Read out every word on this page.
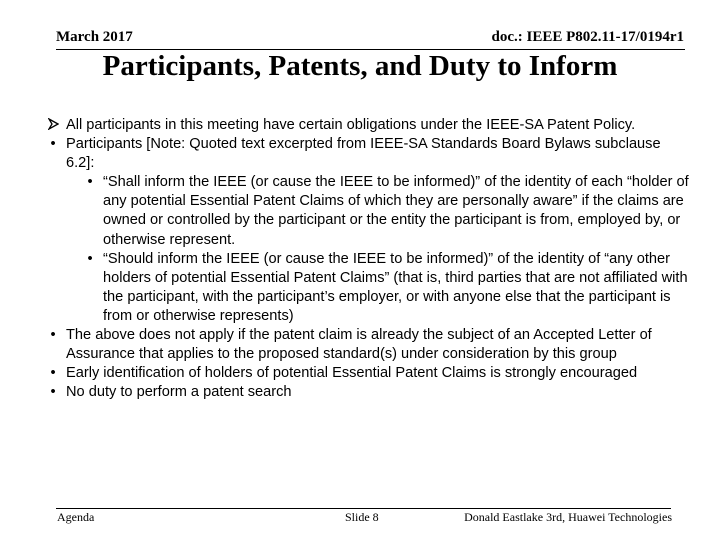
March 2017	doc.: IEEE P802.11-17/0194r1
Participants, Patents, and Duty to Inform
All participants in this meeting have certain obligations under the IEEE-SA Patent Policy.
• Participants [Note: Quoted text excerpted from IEEE-SA Standards Board Bylaws subclause 6.2]:
• “Shall inform the IEEE (or cause the IEEE to be informed)” of the identity of each “holder of any potential Essential Patent Claims of which they are personally aware” if the claims are owned or controlled by the participant or the entity the participant is from, employed by, or otherwise represent.
• “Should inform the IEEE (or cause the IEEE to be informed)” of the identity of “any other holders of potential Essential Patent Claims” (that is, third parties that are not affiliated with the participant, with the participant’s employer, or with anyone else that the participant is from or otherwise represents)
• The above does not apply if the patent claim is already the subject of an Accepted Letter of Assurance that applies to the proposed standard(s) under consideration by this group
• Early identification of holders of potential Essential Patent Claims is strongly encouraged
• No duty to perform a patent search
Agenda	Slide 8	Donald Eastlake 3rd, Huawei Technologies
